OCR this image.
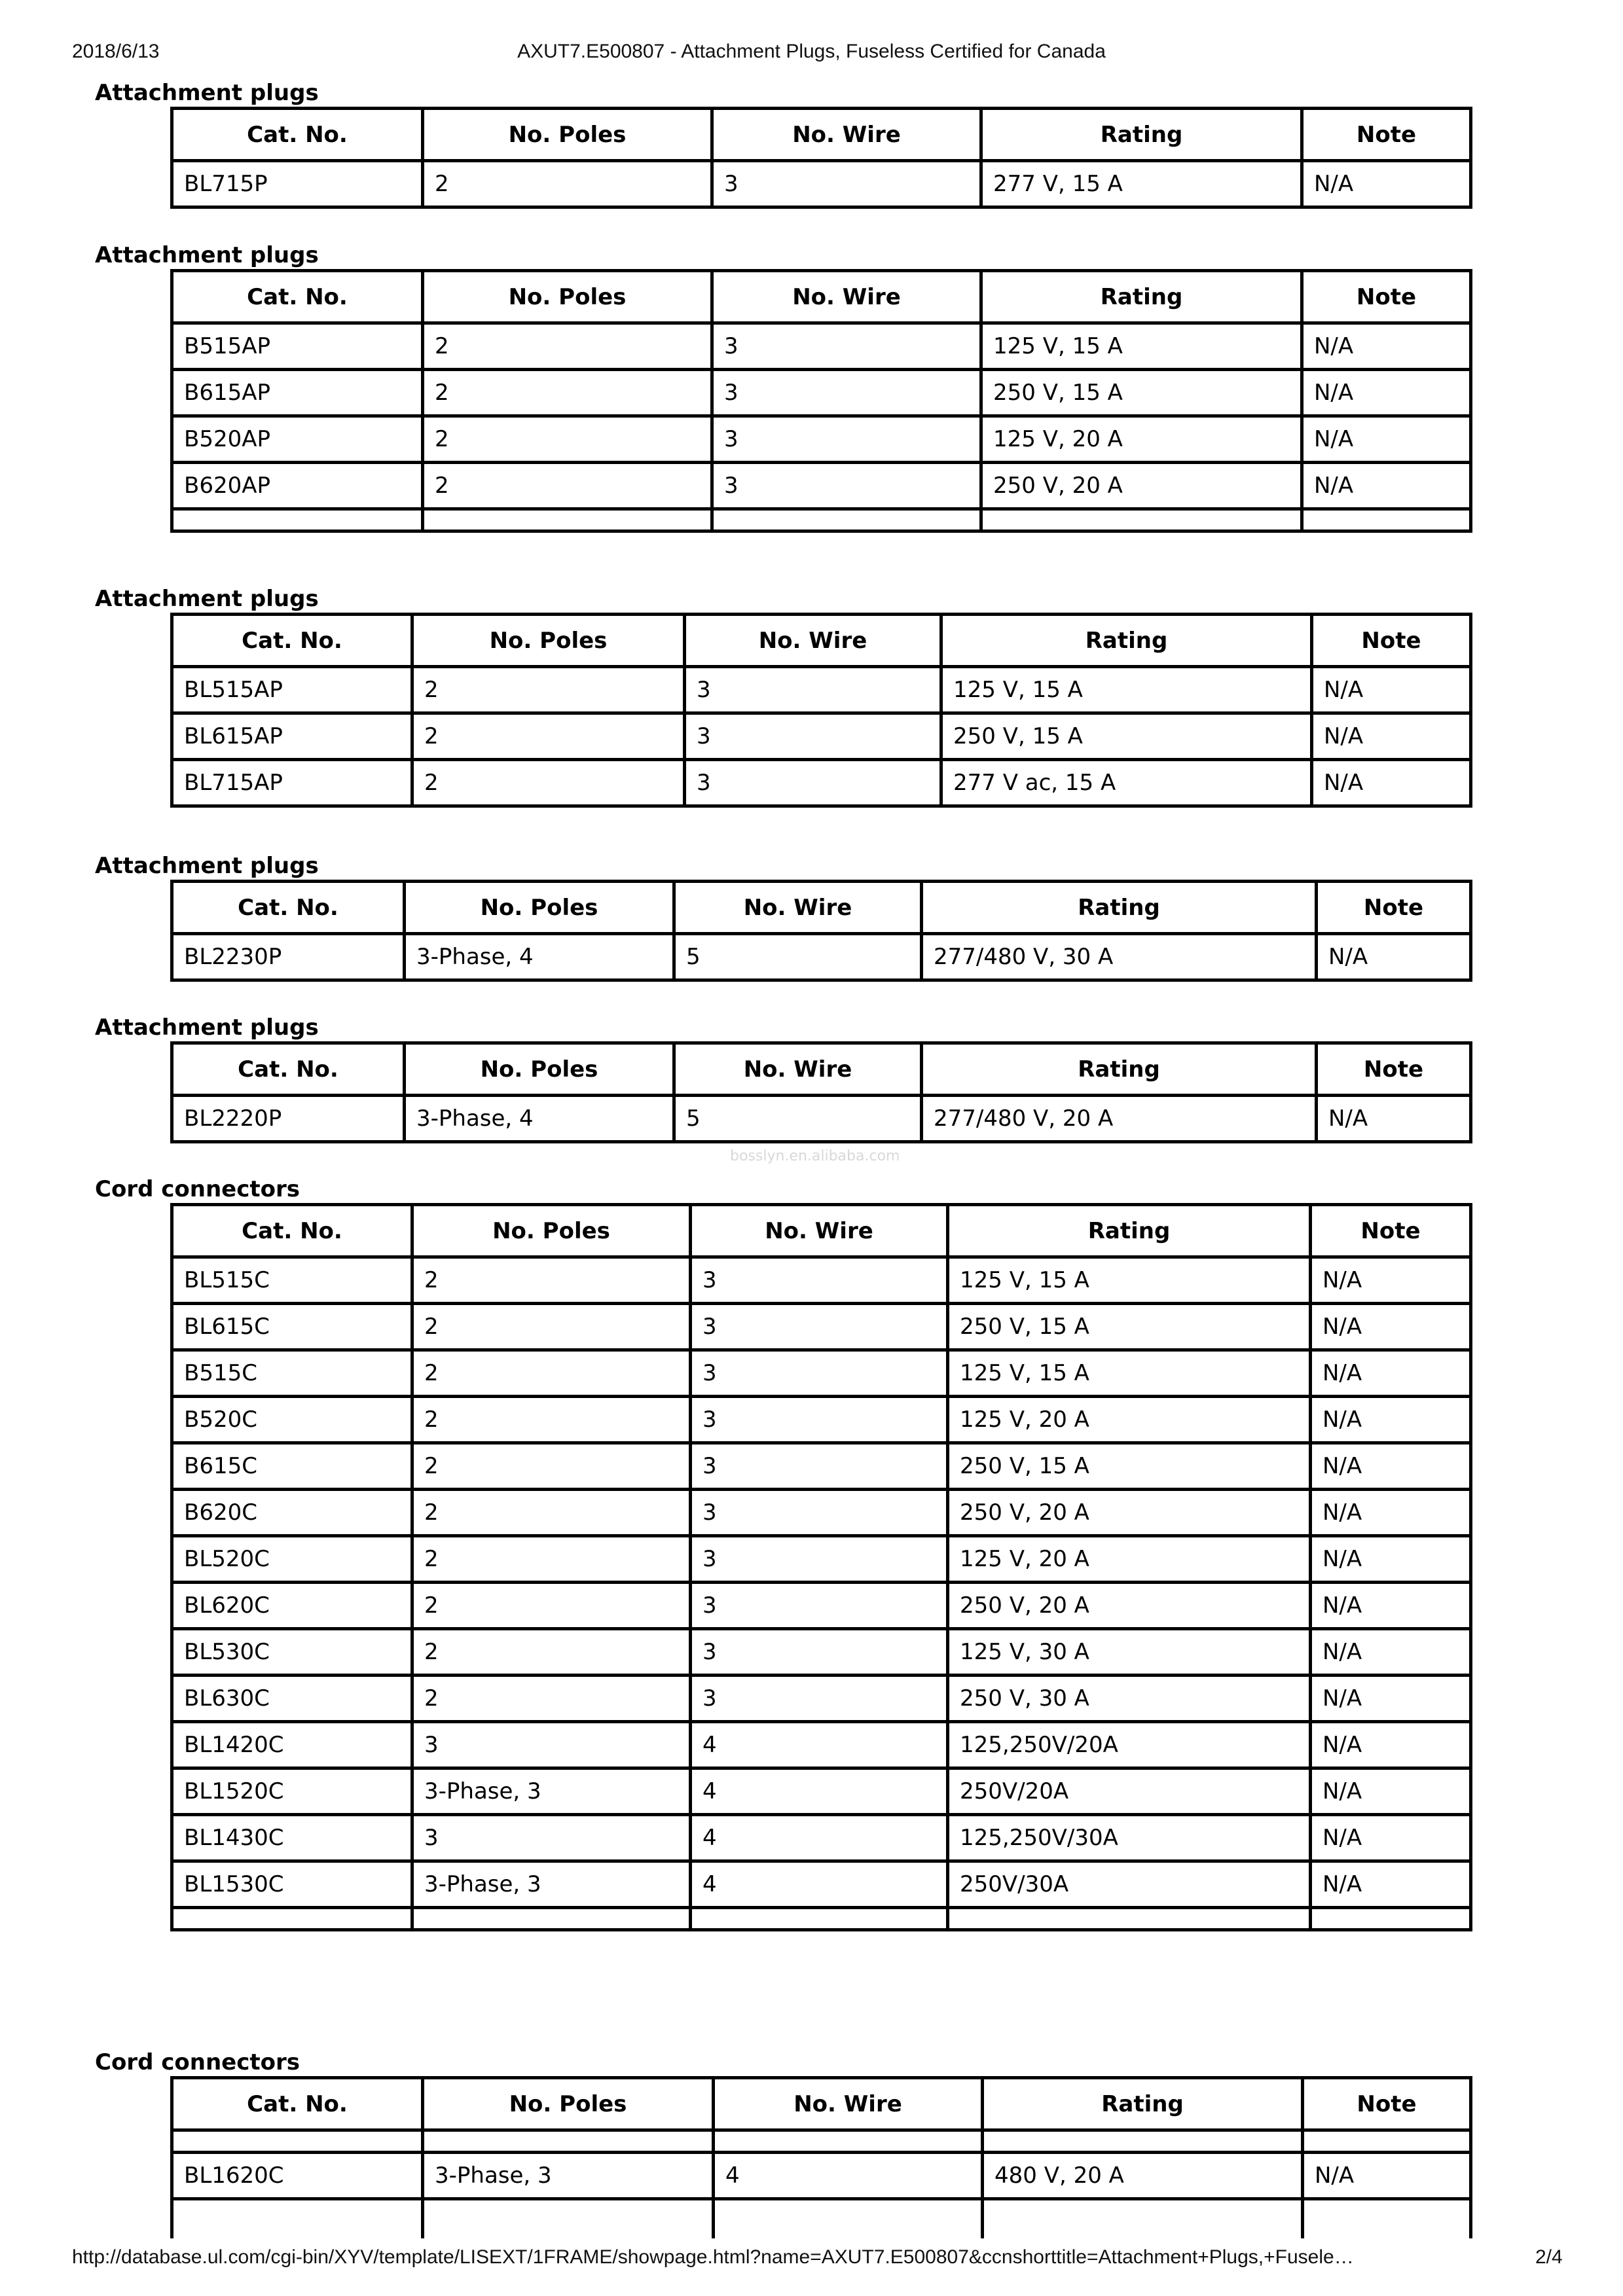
2018/6/13	AXUT7.E500807 - Attachment Plugs, Fuseless Certified for Canada
Attachment plugs
Cat. No.	No. Poles	No. Wire	Rating	Note
BL715P	2	3	277 V, 15 A	N/A
Attachment plugs
Cat. No.	No. Poles	No. Wire	Rating	Note
B515AP	2	3	125 V, 15 A	N/A
B615AP	2	3	250 V, 15 A	N/A
B520AP	2	3	125 V, 20 A	N/A
B620AP	2	3	250 V, 20 A	N/A

Attachment plugs
Cat. No.	No. Poles	No. Wire	Rating	Note
BL515AP	2	3	125 V, 15 A	N/A
BL615AP	2	3	250 V, 15 A	N/A
BL715AP	2	3	277 V ac, 15 A	N/A
Attachment plugs
Cat. No.	No. Poles	No. Wire	Rating	Note
BL2230P	3-Phase, 4	5	277/480 V, 30 A	N/A
Attachment plugs
Cat. No.	No. Poles	No. Wire	Rating	Note
BL2220P	3-Phase, 4	5	277/480 V, 20 A	N/A
bosslyn.en.alibaba.com
Cord connectors
Cat. No.	No. Poles	No. Wire	Rating	Note
BL515C	2	3	125 V, 15 A	N/A
BL615C	2	3	250 V, 15 A	N/A
B515C	2	3	125 V, 15 A	N/A
B520C	2	3	125 V, 20 A	N/A
B615C	2	3	250 V, 15 A	N/A
B620C	2	3	250 V, 20 A	N/A
BL520C	2	3	125 V, 20 A	N/A
BL620C	2	3	250 V, 20 A	N/A
BL530C	2	3	125 V, 30 A	N/A
BL630C	2	3	250 V, 30 A	N/A
BL1420C	3	4	125,250V/20A	N/A
BL1520C	3-Phase, 3	4	250V/20A	N/A
BL1430C	3	4	125,250V/30A	N/A
BL1530C	3-Phase, 3	4	250V/30A	N/A

Cord connectors
Cat. No.	No. Poles	No. Wire	Rating	Note

BL1620C	3-Phase, 3	4	480 V, 20 A	N/A

http://database.ul.com/cgi-bin/XYV/template/LISEXT/1FRAME/showpage.html?name=AXUT7.E500807&ccnshorttitle=Attachment+Plugs,+Fusele…	2/4
